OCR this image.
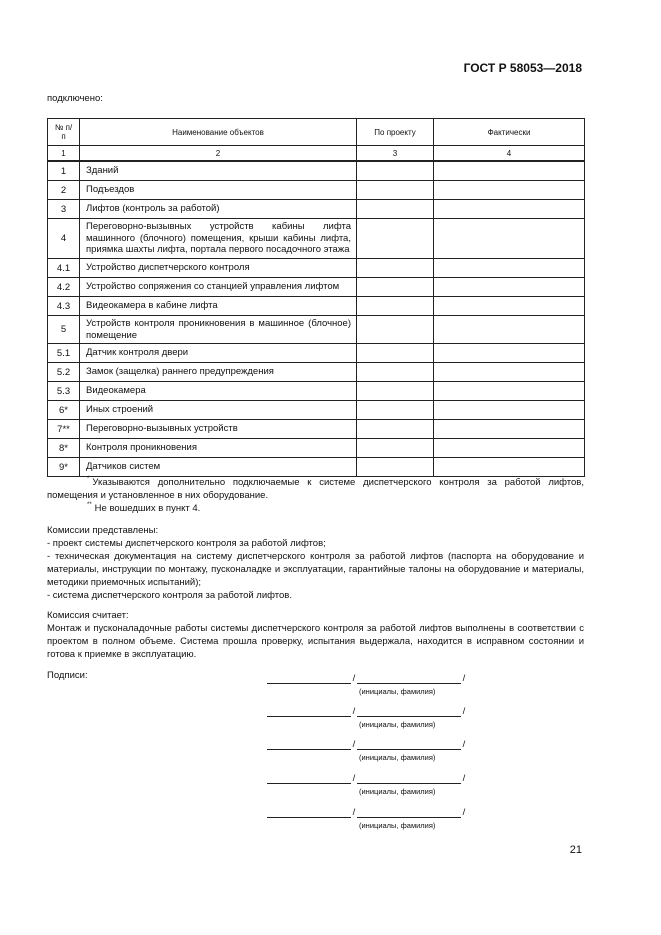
ГОСТ Р 58053—2018
подключено:
№ п/п	Наименование объектов	По проекту	Фактически
1	2	3	4
1	Зданий		
2	Подъездов		
3	Лифтов (контроль за работой)		
4	Переговорно-вызывных устройств кабины лифта машинного (блочного) помещения, крыши кабины лифта, приямка шахты лифта, портала первого посадочного этажа		
4.1	Устройство диспетчерского контроля		
4.2	Устройство сопряжения со станцией управления лифтом		
4.3	Видеокамера в кабине лифта		
5	Устройств контроля проникновения в машинное (блочное) помещение		
5.1	Датчик контроля двери		
5.2	Замок (защелка) раннего предупреждения		
5.3	Видеокамера		
6*	Иных строений		
7**	Переговорно-вызывных устройств		
8*	Контроля проникновения		
9*	Датчиков систем		
* Указываются дополнительно подключаемые к системе диспетчерского контроля за работой лифтов, помещения и установленное в них оборудование.
** Не вошедших в пункт 4.

Комиссии представлены:

- проект системы диспетчерского контроля за работой лифтов;

- техническая документация на систему диспетчерского контроля за работой лифтов (паспорта на оборудование и материалы, инструкции по монтажу, пусконаладке и эксплуатации, гарантийные талоны на оборудование и материалы, методики приемочных испытаний);

- система диспетчерского контроля за работой лифтов.

Комиссия считает:

Монтаж и пусконаладочные работы системы диспетчерского контроля за работой лифтов выполнены в соответствии с проектом в полном объеме. Система прошла проверку, испытания выдержала, находится в исправном состоянии и готова к приемке в эксплуатацию.

Подписи:	/	/
(инициалы, фамилия)
/	/
(инициалы, фамилия)
/	/
(инициалы, фамилия)
/	/
(инициалы, фамилия)
/	/
(инициалы, фамилия)
21
